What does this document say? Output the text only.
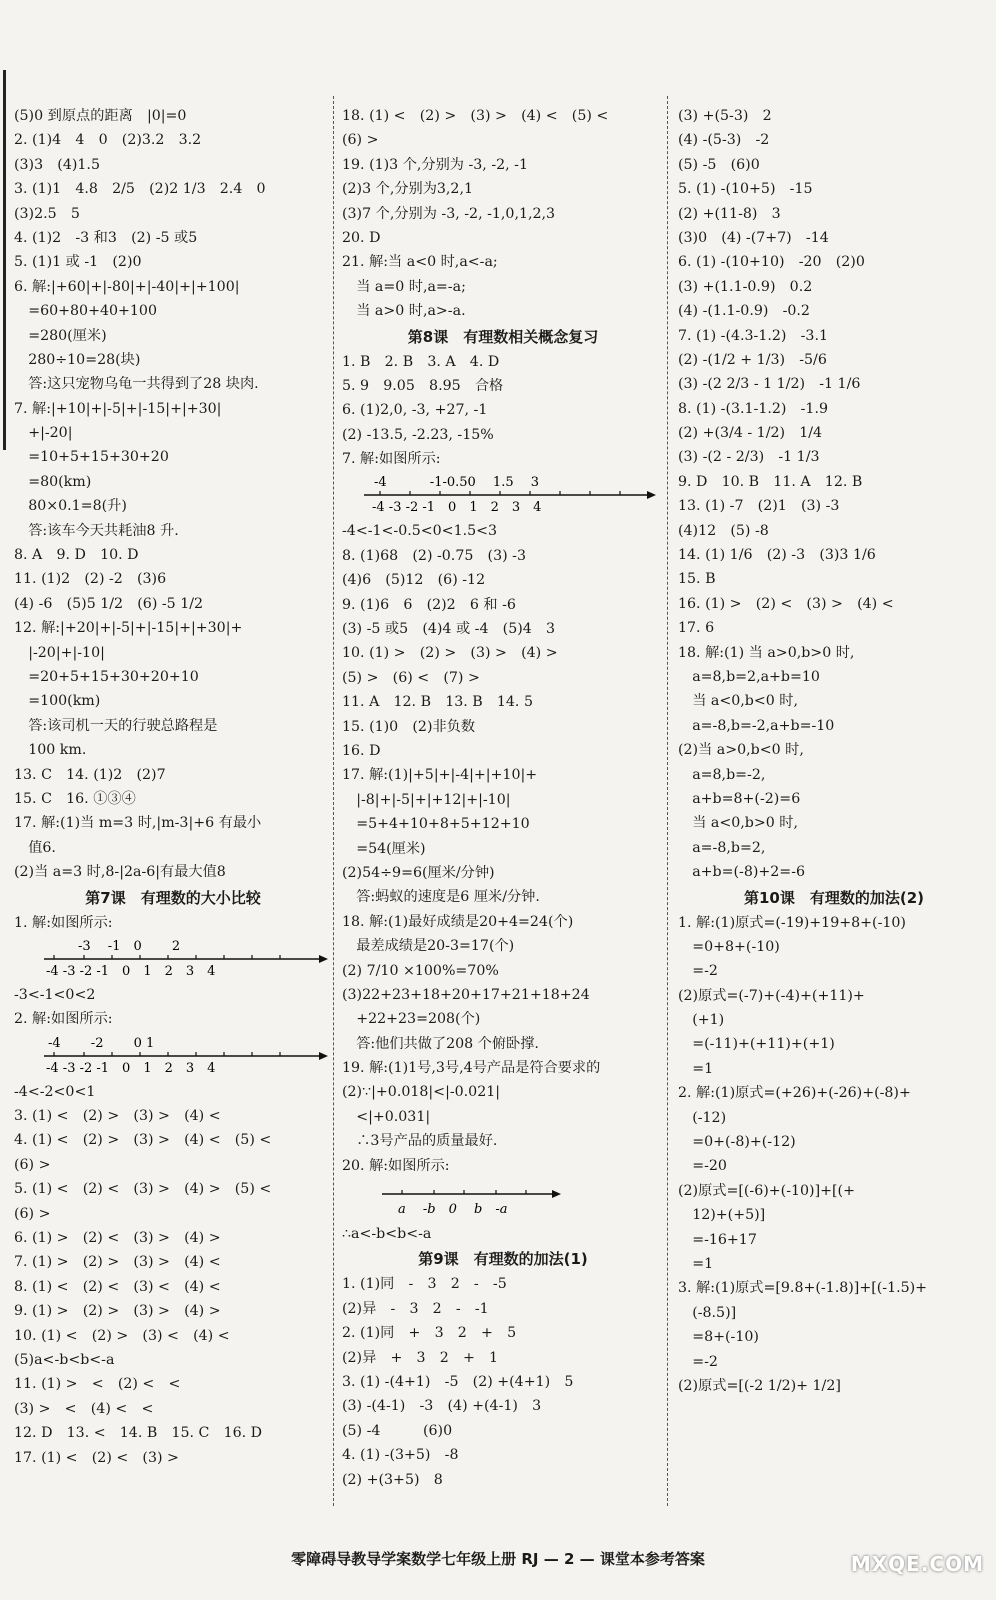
(5)0 到原点的距离　|0|=0
2. (1)4　4　0　(2)3.2　3.2
(3)3　(4)1.5
3. (1)1　4.8　2/5　(2)2 1/3　2.4　0
(3)2.5　5
4. (1)2　-3 和3　(2) -5 或5
5. (1)1 或 -1　(2)0
6. 解:|+60|+|-80|+|-40|+|+100|
　=60+80+40+100
　=280(厘米)
　280÷10=28(块)
　答:这只宠物乌龟一共得到了28 块肉.
7. 解:|+10|+|-5|+|-15|+|+30|
　+|-20|
　=10+5+15+30+20
　=80(km)
　80×0.1=8(升)
　答:该车今天共耗油8 升.
8. A　9. D　10. D
11. (1)2　(2) -2　(3)6
(4) -6　(5)5 1/2　(6) -5 1/2
12. 解:|+20|+|-5|+|-15|+|+30|+
　|-20|+|-10|
　=20+5+15+30+20+10
　=100(km)
　答:该司机一天的行驶总路程是
　100 km.
13. C　14. (1)2　(2)7
15. C　16. ①③④
17. 解:(1)当 m=3 时,|m-3|+6 有最小
　值6.
(2)当 a=3 时,8-|2a-6|有最大值8
第7课　有理数的大小比较
1. 解:如图所示:
-3　 -1　0　　 2
-4 -3 -2 -1　0　1　2　3　4
-3<-1<0<2
2. 解:如图所示:
-4　　 -2　　 0 1
-4 -3 -2 -1　0　1　2　3　4
-4<-2<0<1
3. (1) <　(2) >　(3) >　(4) <
4. (1) <　(2) >　(3) >　(4) <　(5) <
(6) >
5. (1) <　(2) <　(3) >　(4) >　(5) <
(6) >
6. (1) >　(2) <　(3) >　(4) >
7. (1) >　(2) >　(3) >　(4) <
8. (1) <　(2) <　(3) <　(4) <
9. (1) >　(2) >　(3) >　(4) >
10. (1) <　(2) >　(3) <　(4) <
(5)a<-b<b<-a
11. (1) >　<　(2) <　<
(3) >　<　(4) <　<
12. D　13. <　14. B　15. C　16. D
17. (1) <　(2) <　(3) >
18. (1) <　(2) >　(3) >　(4) <　(5) <
(6) >
19. (1)3 个,分别为 -3, -2, -1
(2)3 个,分别为3,2,1
(3)7 个,分别为 -3, -2, -1,0,1,2,3
20. D
21. 解:当 a<0 时,a<-a;
　当 a=0 时,a=-a;
　当 a>0 时,a>-a.
第8课　有理数相关概念复习
1. B　2. B　3. A　4. D
5. 9　9.05　8.95　合格
6. (1)2,0, -3, +27, -1
(2) -13.5, -2.23, -15%
7. 解:如图所示:
-4　　　 -1-0.50　 1.5　 3
-4 -3 -2 -1　0　1　2　3　4
-4<-1<-0.5<0<1.5<3
8. (1)68　(2) -0.75　(3) -3
(4)6　(5)12　(6) -12
9. (1)6　6　(2)2　6 和 -6
(3) -5 或5　(4)4 或 -4　(5)4　3
10. (1) >　(2) >　(3) >　(4) >
(5) >　(6) <　(7) >
11. A　12. B　13. B　14. 5
15. (1)0　(2)非负数
16. D
17. 解:(1)|+5|+|-4|+|+10|+
　|-8|+|-5|+|+12|+|-10|
　=5+4+10+8+5+12+10
　=54(厘米)
(2)54÷9=6(厘米/分钟)
　答:蚂蚁的速度是6 厘米/分钟.
18. 解:(1)最好成绩是20+4=24(个)
　最差成绩是20-3=17(个)
(2) 7/10 ×100%=70%
(3)22+23+18+20+17+21+18+24
　+22+23=208(个)
　答:他们共做了208 个俯卧撑.
19. 解:(1)1号,3号,4号产品是符合要求的
(2)∵|+0.018|<|-0.021|
　<|+0.031|
　∴3号产品的质量最好.
20. 解:如图所示:
a　 -b　0　 b　-a
∴a<-b<b<-a
第9课　有理数的加法(1)
1. (1)同　-　3　2　-　-5
(2)异　-　3　2　-　-1
2. (1)同　+　3　2　+　5
(2)异　+　3　2　+　1
3. (1) -(4+1)　-5　(2) +(4+1)　5
(3) -(4-1)　-3　(4) +(4-1)　3
(5) -4　　　(6)0
4. (1) -(3+5)　-8
(2) +(3+5)　8
(3) +(5-3)　2
(4) -(5-3)　-2
(5) -5　(6)0
5. (1) -(10+5)　-15
(2) +(11-8)　3
(3)0　(4) -(7+7)　-14
6. (1) -(10+10)　-20　(2)0
(3) +(1.1-0.9)　0.2
(4) -(1.1-0.9)　-0.2
7. (1) -(4.3-1.2)　-3.1
(2) -(1/2 + 1/3)　-5/6
(3) -(2 2/3 - 1 1/2)　-1 1/6
8. (1) -(3.1-1.2)　-1.9
(2) +(3/4 - 1/2)　1/4
(3) -(2 - 2/3)　-1 1/3
9. D　10. B　11. A　12. B
13. (1) -7　(2)1　(3) -3
(4)12　(5) -8
14. (1) 1/6　(2) -3　(3)3 1/6
15. B
16. (1) >　(2) <　(3) >　(4) <
17. 6
18. 解:(1) 当 a>0,b>0 时,
　a=8,b=2,a+b=10
　当 a<0,b<0 时,
　a=-8,b=-2,a+b=-10
(2)当 a>0,b<0 时,
　a=8,b=-2,
　a+b=8+(-2)=6
　当 a<0,b>0 时,
　a=-8,b=2,
　a+b=(-8)+2=-6
第10课　有理数的加法(2)
1. 解:(1)原式=(-19)+19+8+(-10)
　=0+8+(-10)
　=-2
(2)原式=(-7)+(-4)+(+11)+
　(+1)
　=(-11)+(+11)+(+1)
　=1
2. 解:(1)原式=(+26)+(-26)+(-8)+
　(-12)
　=0+(-8)+(-12)
　=-20
(2)原式=[(-6)+(-10)]+[(+
　12)+(+5)]
　=-16+17
　=1
3. 解:(1)原式=[9.8+(-1.8)]+[(-1.5)+
　(-8.5)]
　=8+(-10)
　=-2
(2)原式=[(-2 1/2)+ 1/2]
零障碍导教导学案数学七年级上册 RJ — 2 — 课堂本参考答案	MXQE.COM
